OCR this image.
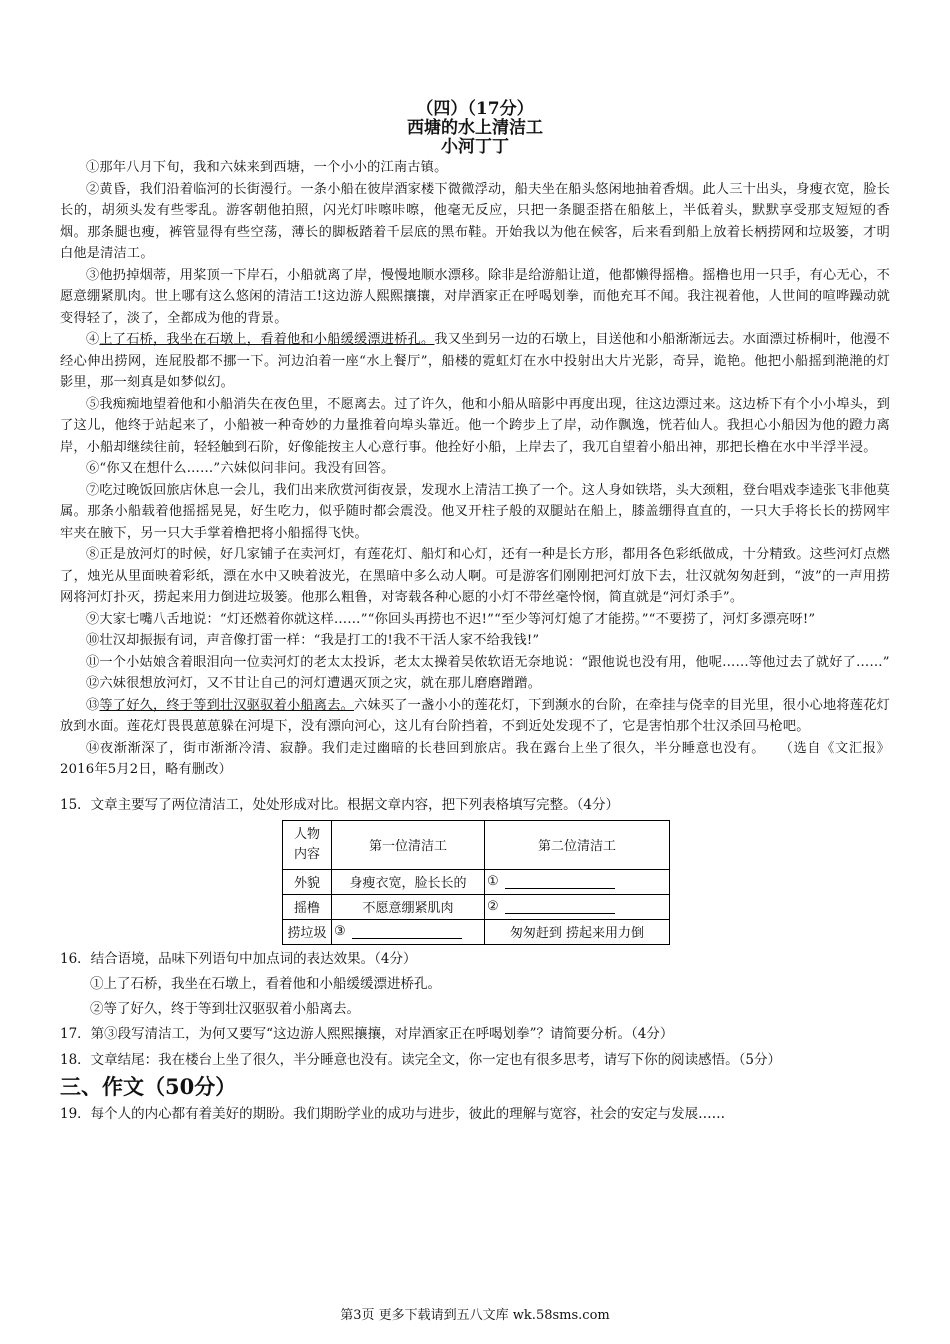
（四）（17分）

西塘的水上清洁工

小河丁丁

①那年八月下旬，我和六妹来到西塘，一个小小的江南古镇。

②黄昏，我们沿着临河的长街漫行。一条小船在彼岸酒家楼下微微浮动，船夫坐在船头悠闲地抽着香烟。此人三十出头，身瘦衣宽，脸长长的，胡须头发有些零乱。游客朝他拍照，闪光灯咔嚓咔嚓，他毫无反应，只把一条腿歪搭在船舷上，半低着头，默默享受那支短短的香烟。那条腿也瘦，裤管显得有些空荡，薄长的脚板踏着千层底的黑布鞋。开始我以为他在候客，后来看到船上放着长柄捞网和垃圾篓，才明白他是清洁工。

③他扔掉烟蒂，用桨顶一下岸石，小船就离了岸，慢慢地顺水漂移。除非是给游船让道，他都懒得摇橹。摇橹也用一只手，有心无心，不愿意绷紧肌肉。世上哪有这么悠闲的清洁工!这边游人熙熙攘攘，对岸酒家正在呼喝划拳，而他充耳不闻。我注视着他，人世间的喧哗躁动就变得轻了，淡了，全都成为他的背景。

④上了石桥，我坐在石墩上，看着他和小船缓缓漂进桥孔。我又坐到另一边的石墩上，目送他和小船渐渐远去。水面漂过桥桐叶，他漫不经心伸出捞网，连屁股都不挪一下。河边泊着一座“水上餐厅”，船楼的霓虹灯在水中投射出大片光影，奇异，诡艳。他把小船摇到滟滟的灯影里，那一刻真是如梦似幻。

⑤我痴痴地望着他和小船消失在夜色里，不愿离去。过了许久，他和小船从暗影中再度出现，往这边漂过来。这边桥下有个小小埠头，到了这儿，他终于站起来了，小船被一种奇妙的力量推着向埠头靠近。他一个跨步上了岸，动作飘逸，恍若仙人。我担心小船因为他的蹬力离岸，小船却继续往前，轻轻触到石阶，好像能按主人心意行事。他拴好小船，上岸去了，我兀自望着小船出神，那把长橹在水中半浮半浸。

⑥“你又在想什么……”六妹似问非问。我没有回答。

⑦吃过晚饭回旅店休息一会儿，我们出来欣赏河街夜景，发现水上清洁工换了一个。这人身如铁塔，头大颈粗，登台唱戏李逵张飞非他莫属。那条小船载着他摇摇晃晃，好生吃力，似乎随时都会震没。他叉开柱子般的双腿站在船上，膝盖绷得直直的，一只大手将长长的捞网牢牢夹在腋下，另一只大手掌着橹把将小船摇得飞快。

⑧正是放河灯的时候，好几家铺子在卖河灯，有莲花灯、船灯和心灯，还有一种是长方形，都用各色彩纸做成，十分精致。这些河灯点燃了，烛光从里面映着彩纸，漂在水中又映着波光，在黑暗中多么动人啊。可是游客们刚刚把河灯放下去，壮汉就匆匆赶到，“波”的一声用捞网将河灯扑灭，捞起来用力倒进垃圾篓。他那么粗鲁，对寄载各种心愿的小灯不带丝毫怜悯，简直就是“河灯杀手”。

⑨大家七嘴八舌地说：“灯还燃着你就这样……”“你回头再捞也不迟!”“至少等河灯熄了才能捞。”“不要捞了，河灯多漂亮呀!”

⑩壮汉却振振有词，声音像打雷一样：“我是打工的!我不干活人家不给我钱!”

⑪一个小姑娘含着眼泪向一位卖河灯的老太太投诉，老太太操着吴侬软语无奈地说：“跟他说也没有用，他呢……等他过去了就好了……”

⑫六妹很想放河灯，又不甘让自己的河灯遭遇灭顶之灾，就在那儿磨磨蹭蹭。

⑬等了好久，终于等到壮汉驱驭着小船离去。六妹买了一盏小小的莲花灯，下到濒水的台阶，在牵挂与侥幸的目光里，很小心地将莲花灯放到水面。莲花灯畏畏葸葸躲在河堤下，没有漂向河心，这儿有台阶挡着，不到近处发现不了，它是害怕那个壮汉杀回马枪吧。

⑭夜渐渐深了，街市渐渐冷清、寂静。我们走过幽暗的长巷回到旅店。我在露台上坐了很久，半分睡意也没有。　　（选自《文汇报》2016年5月2日，略有删改）

15．文章主要写了两位清洁工，处处形成对比。根据文章内容，把下列表格填写完整。（4分）

人物
内容	第一位清洁工	第二位清洁工
外貌	身瘦衣宽，脸长长的	①
摇橹	不愿意绷紧肌肉	②
捞垃圾	③	匆匆赶到 捞起来用力倒

16．结合语境，品味下列语句中加点词的表达效果。（4分）

①上了石桥，我坐在石墩上，看着他和小船缓缓漂进桥孔。

②等了好久，终于等到壮汉驱驭着小船离去。

17．第③段写清洁工，为何又要写“这边游人熙熙攘攘，对岸酒家正在呼喝划拳”？请简要分析。（4分）

18．文章结尾：我在楼台上坐了很久，半分睡意也没有。读完全文，你一定也有很多思考，请写下你的阅读感悟。（5分）

三、作文（50分）

19．每个人的内心都有着美好的期盼。我们期盼学业的成功与进步，彼此的理解与宽容，社会的安定与发展……

第3页 更多下载请到五八文库 wk.58sms.com
